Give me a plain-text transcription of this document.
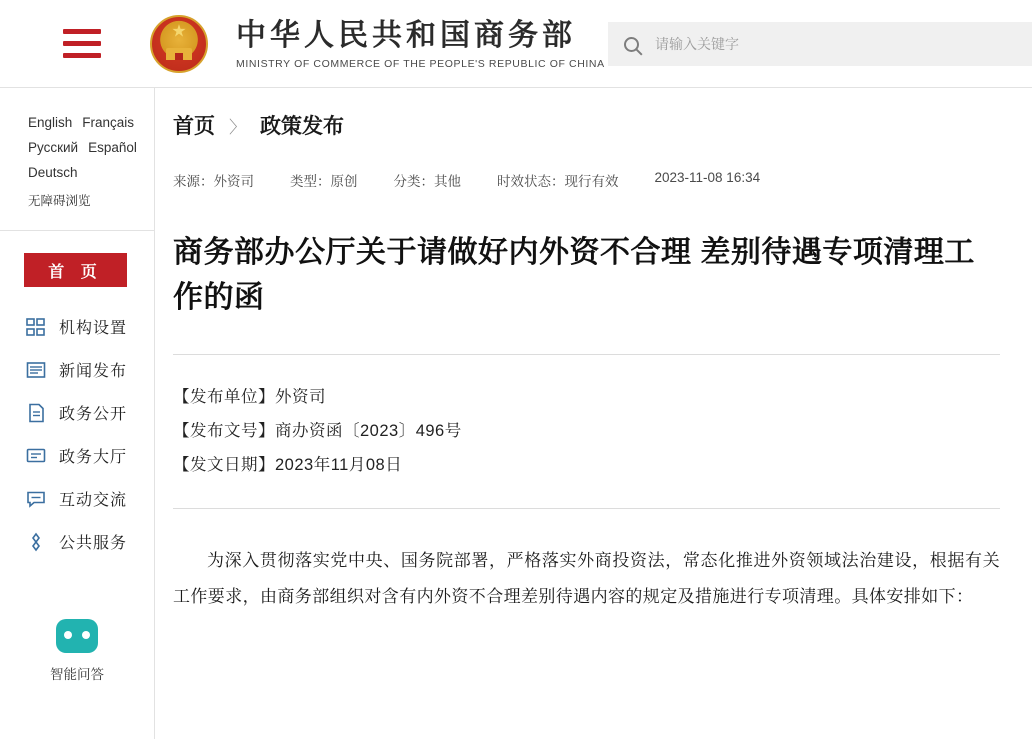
★ 中华人民共和国商务部
MINISTRY OF COMMERCE OF THE PEOPLE'S REPUBLIC OF CHINA
请输入关键字
English Français
Русский Español
Deutsch
无障碍浏览
首 页
机构设置
新闻发布
政务公开
政务大厅
互动交流
公共服务
智能问答
首页 〉 政策发布
来源：外资司	类型：原创	分类：其他	时效状态：现行有效	2023-11-08 16:34
商务部办公厅关于请做好内外资不合理 差别待遇专项清理工作的函
【发布单位】外资司
【发布文号】商办资函〔2023〕496号
【发文日期】2023年11月08日

为深入贯彻落实党中央、国务院部署，严格落实外商投资法，常态化推进外资领域法治建设，根据有关工作要求，由商务部组织对含有内外资不合理差别待遇内容的规定及措施进行专项清理。具体安排如下：
